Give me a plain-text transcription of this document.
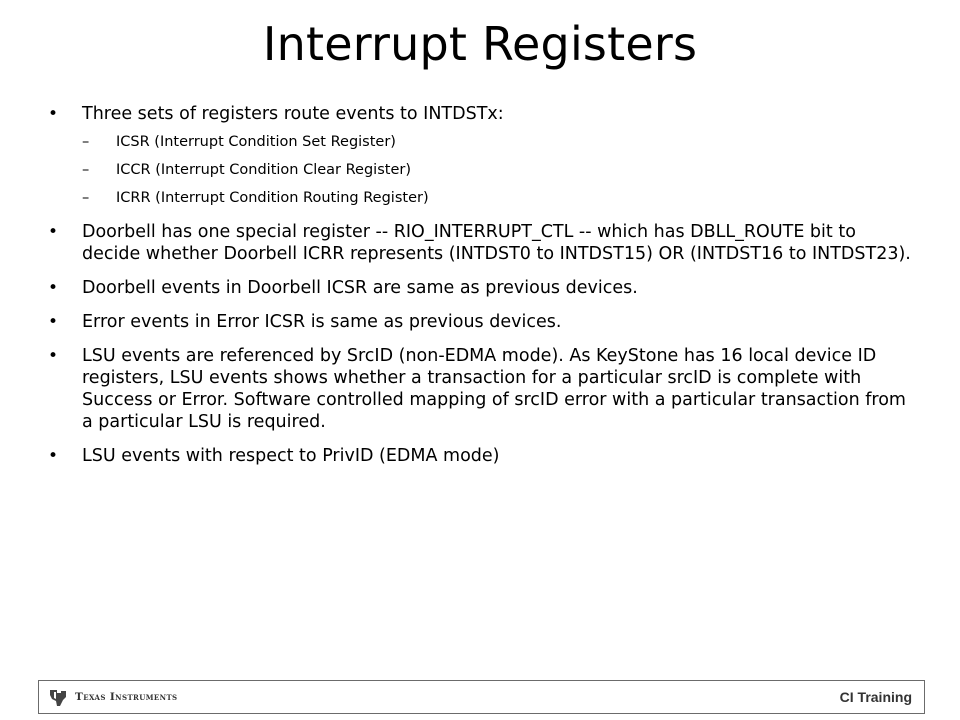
Interrupt Registers
•	Three sets of registers route events to INTDSTx:
–	ICSR (Interrupt Condition Set Register)
–	ICCR (Interrupt Condition Clear Register)
–	ICRR (Interrupt Condition Routing Register)
•	Doorbell has one special register -- RIO_INTERRUPT_CTL -- which has DBLL_ROUTE bit to decide whether Doorbell ICRR represents (INTDST0 to INTDST15) OR (INTDST16 to INTDST23).
•	Doorbell events in Doorbell ICSR are same as previous devices.
•	Error events in Error ICSR is same as previous devices.
•	LSU events are referenced by SrcID (non-EDMA mode). As KeyStone has 16 local device ID registers, LSU events shows whether a transaction for a particular srcID is complete with Success or Error. Software controlled mapping of srcID error with a particular transaction from a particular LSU is required.
•	LSU events with respect to PrivID (EDMA mode)
Texas Instruments	CI Training
